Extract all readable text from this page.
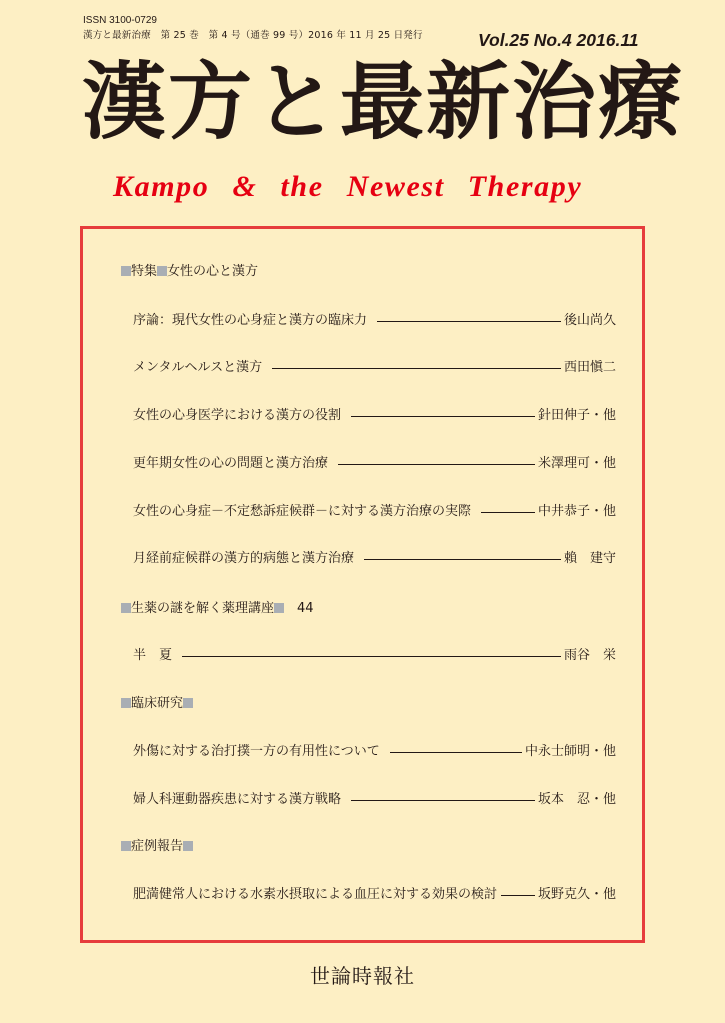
ISSN 3100-0729
漢方と最新治療　第 25 巻　第 4 号（通巻 99 号）2016 年 11 月 25 日発行	Vol.25 No.4 2016.11
漢方と最新治療
Kampo & the Newest Therapy
特集 女性の心と漢方
序論：現代女性の心身症と漢方の臨床力	後山尚久
メンタルヘルスと漢方	西田愼二
女性の心身医学における漢方の役割	針田伸子・他
更年期女性の心の問題と漢方治療	米澤理可・他
女性の心身症－不定愁訴症候群－に対する漢方治療の実際	中井恭子・他
月経前症候群の漢方的病態と漢方治療	賴　建守
生薬の謎を解く薬理講座　 44
半　夏	雨谷　栄
臨床研究
外傷に対する治打撲一方の有用性について	中永士師明・他
婦人科運動器疾患に対する漢方戦略	坂本　忍・他
症例報告
肥満健常人における水素水摂取による血圧に対する効果の検討	坂野克久・他
世論時報社
